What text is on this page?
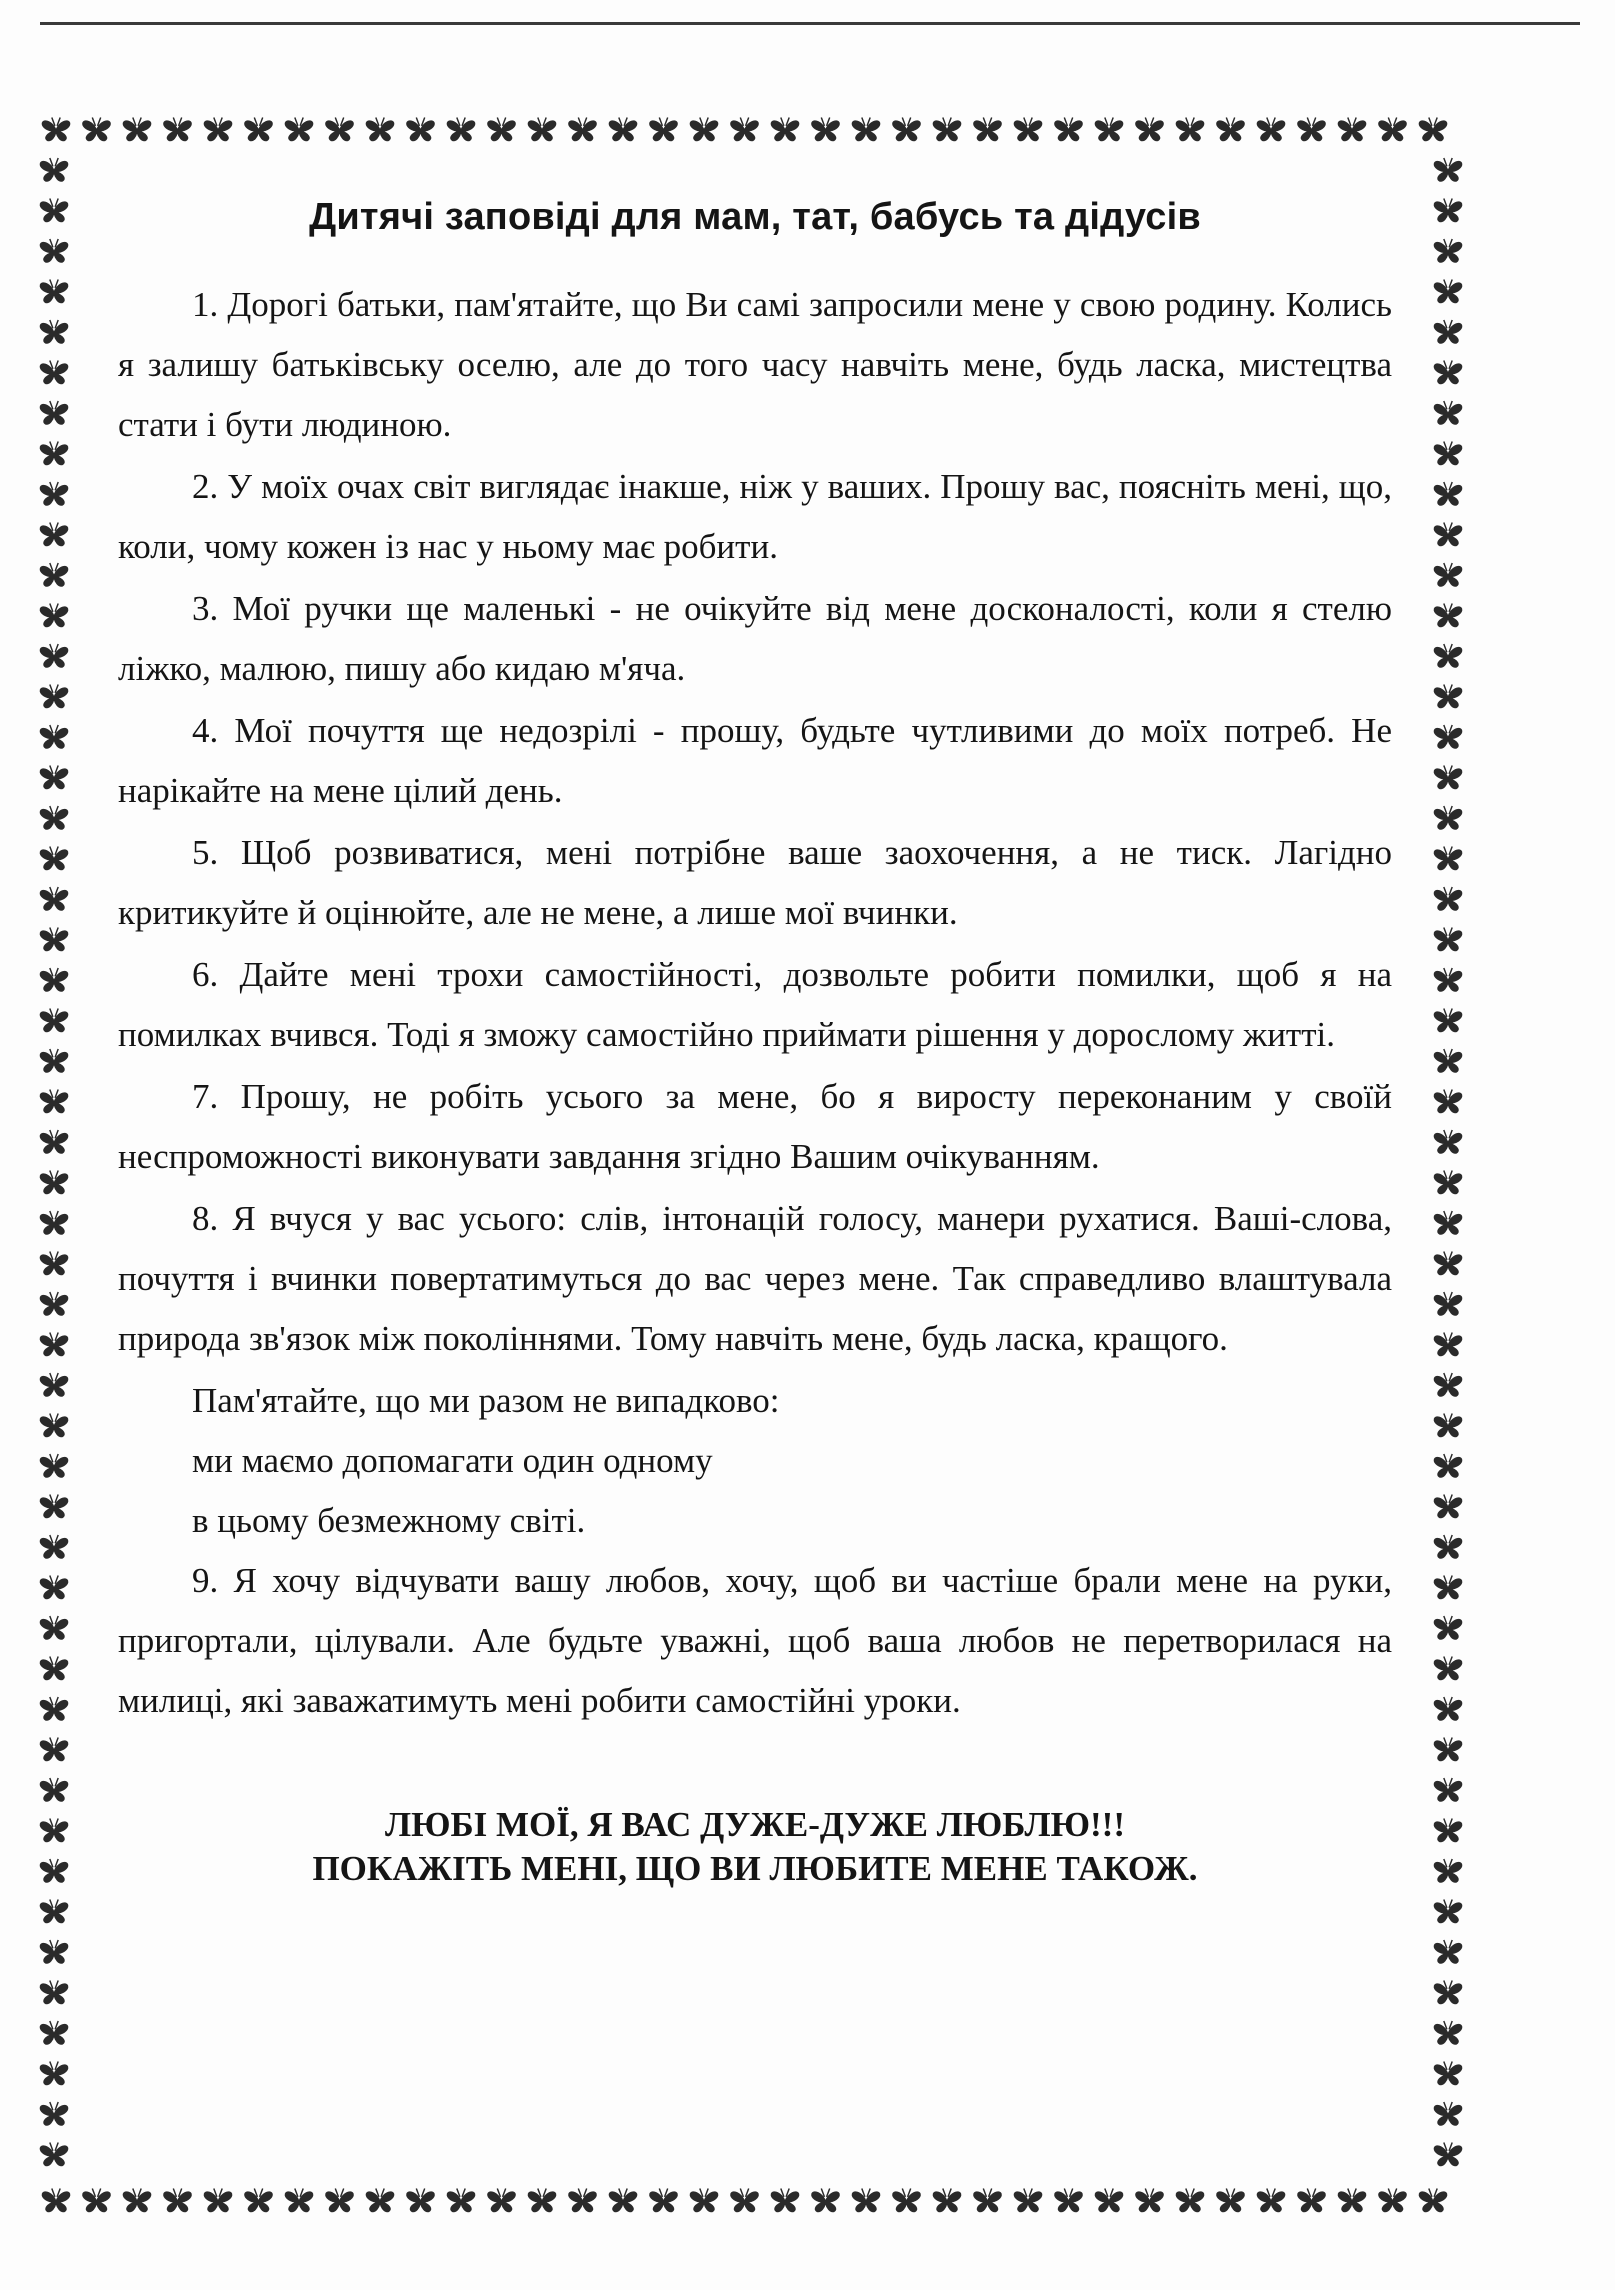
Дитячі заповіді для мам, тат, бабусь та дідусів

1. Дорогі батьки, пам'ятайте, що Ви самі запросили мене у свою родину. Колись я залишу батьківську оселю, але до того часу навчіть мене, будь ласка, мистецтва стати і бути людиною.

2. У моїх очах світ виглядає інакше, ніж у ваших. Прошу вас, поясніть мені, що, коли, чому кожен із нас у ньому має робити.

3. Мої ручки ще маленькі - не очікуйте від мене досконалості, коли я стелю ліжко, малюю, пишу або кидаю м'яча.

4. Мої почуття ще недозрілі - прошу, будьте чутливими до моїх потреб. Не нарікайте на мене цілий день.

5. Щоб розвиватися, мені потрібне ваше заохочення, а не тиск. Лагідно критикуйте й оцінюйте, але не мене, а лише мої вчинки.

6. Дайте мені трохи самостійності, дозвольте робити помилки, щоб я на помилках вчився. Тоді я зможу самостійно приймати рішення у дорослому житті.

7. Прошу, не робіть усього за мене, бо я виросту переконаним у своїй неспроможності виконувати завдання згідно Вашим очікуванням.

8. Я вчуся у вас усього: слів, інтонацій голосу, манери рухатися. Ваші-слова, почуття і вчинки повертатимуться до вас через мене. Так справедливо влаштувала природа зв'язок між поколіннями. Тому навчіть мене, будь ласка, кращого.

Пам'ятайте, що ми разом не випадково:

ми маємо допомагати один одному

в цьому безмежному світі.

9. Я хочу відчувати вашу любов, хочу, щоб ви частіше брали мене на руки, пригортали, цілували. Але будьте уважні, щоб ваша любов не перетворилася на милиці, які заважатимуть мені робити самостійні уроки.

ЛЮБІ МОЇ, Я ВАС ДУЖЕ-ДУЖЕ ЛЮБЛЮ!!!
ПОКАЖІТЬ МЕНІ, ЩО ВИ ЛЮБИТЕ МЕНЕ ТАКОЖ.
